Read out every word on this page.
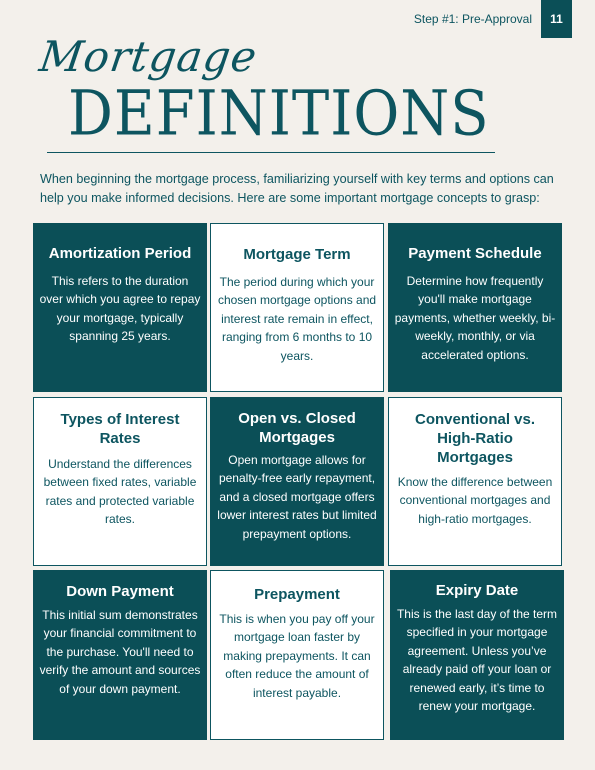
Step #1: Pre-Approval	11
Mortgage
DEFINITIONS
When beginning the mortgage process, familiarizing yourself with key terms and options can help you make informed decisions. Here are some important mortgage concepts to grasp:
Amortization Period
This refers to the duration over which you agree to repay your mortgage, typically spanning 25 years.
Mortgage Term
The period during which your chosen mortgage options and interest rate remain in effect, ranging from 6 months to 10 years.
Payment Schedule
Determine how frequently you'll make mortgage payments, whether weekly, bi-weekly, monthly, or via accelerated options.
Types of Interest Rates
Understand the differences between fixed rates, variable rates and protected variable rates.
Open vs. Closed Mortgages
Open mortgage allows for penalty-free early repayment, and a closed mortgage offers lower interest rates but limited prepayment options.
Conventional vs. High-Ratio Mortgages
Know the difference between conventional mortgages and high-ratio mortgages.
Down Payment
This initial sum demonstrates your financial commitment to the purchase. You'll need to verify the amount and sources of your down payment.
Prepayment
This is when you pay off your mortgage loan faster by making prepayments. It can often reduce the amount of interest payable.
Expiry Date
This is the last day of the term specified in your mortgage agreement. Unless you’ve already paid off your loan or renewed early, it’s time to renew your mortgage.
